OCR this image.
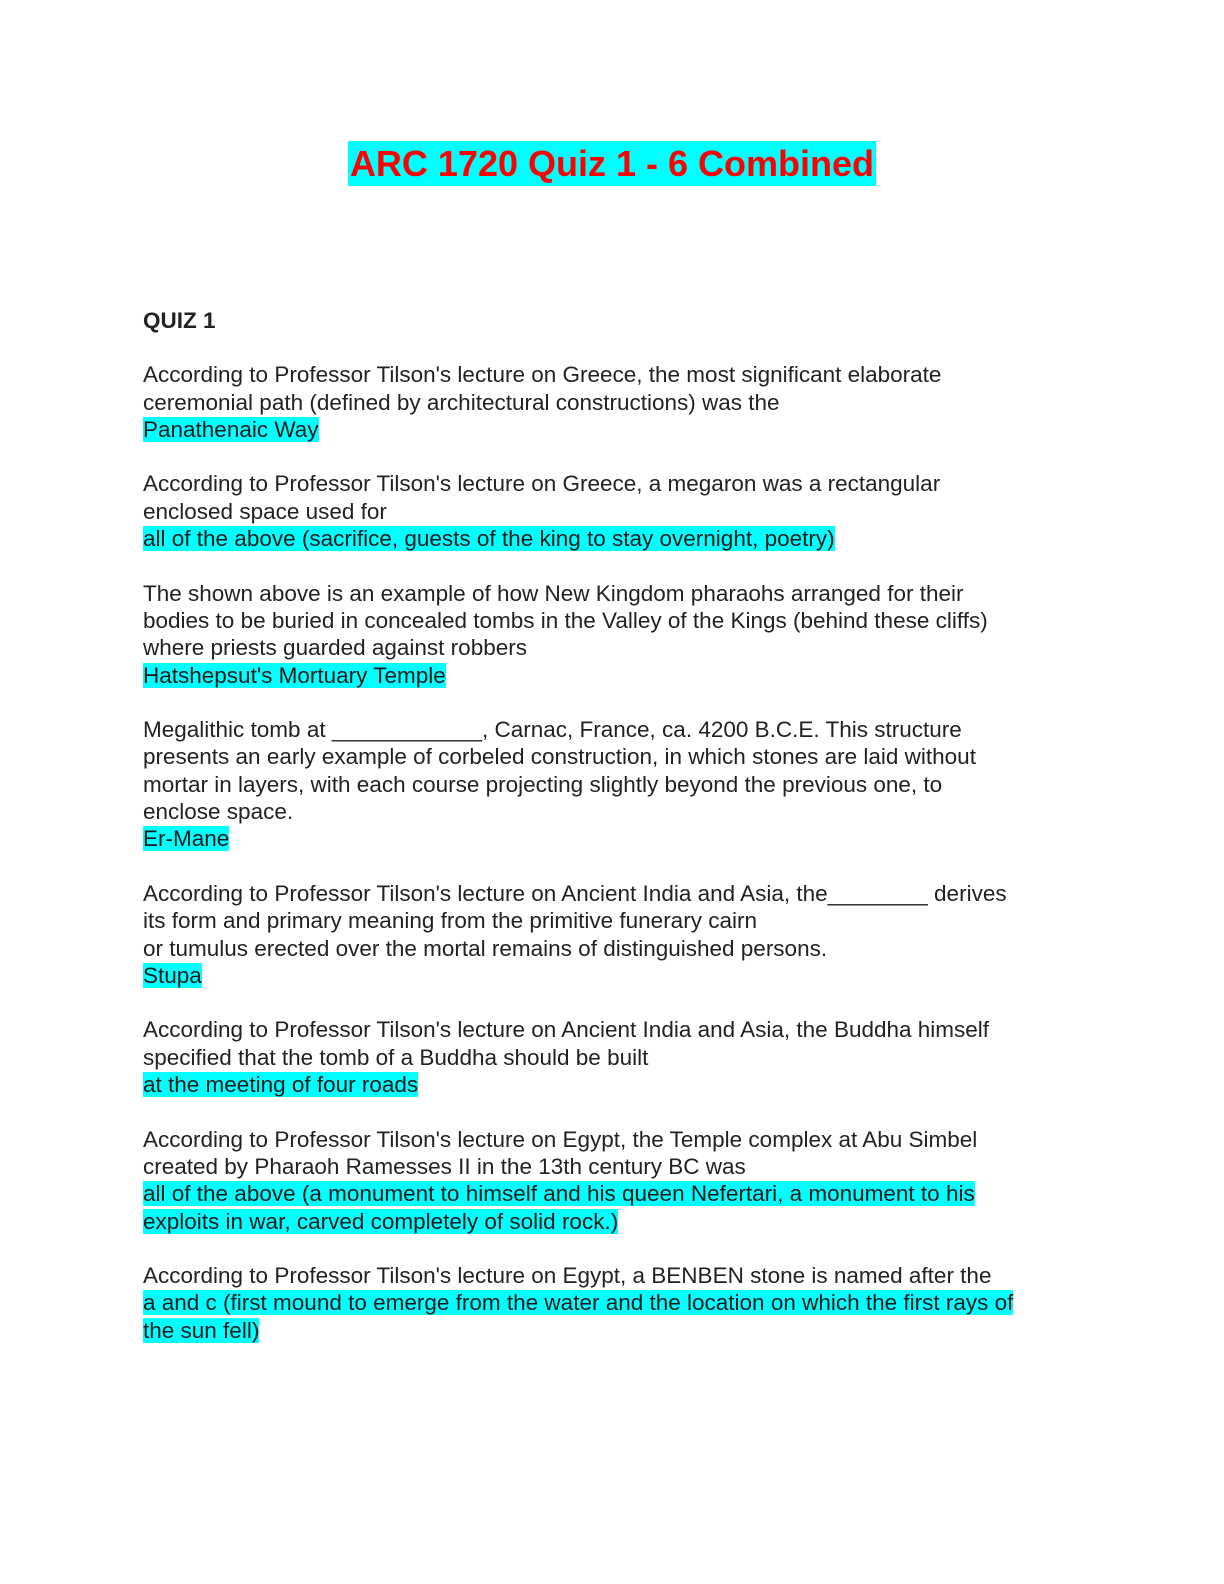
ARC 1720 Quiz 1 - 6 Combined
QUIZ 1
According to Professor Tilson's lecture on Greece, the most significant elaborate
ceremonial path (defined by architectural constructions) was the
Panathenaic Way
According to Professor Tilson's lecture on Greece, a megaron was a rectangular
enclosed space used for
all of the above (sacrifice, guests of the king to stay overnight, poetry)
The shown above is an example of how New Kingdom pharaohs arranged for their
bodies to be buried in concealed tombs in the Valley of the Kings (behind these cliffs)
where priests guarded against robbers
Hatshepsut's Mortuary Temple
Megalithic tomb at ____________, Carnac, France, ca. 4200 B.C.E. This structure
presents an early example of corbeled construction, in which stones are laid without
mortar in layers, with each course projecting slightly beyond the previous one, to
enclose space.
Er-Mane
According to Professor Tilson's lecture on Ancient India and Asia, the________ derives
its form and primary meaning from the primitive funerary cairn
or tumulus erected over the mortal remains of distinguished persons.
Stupa
According to Professor Tilson's lecture on Ancient India and Asia, the Buddha himself
specified that the tomb of a Buddha should be built
at the meeting of four roads
According to Professor Tilson's lecture on Egypt, the Temple complex at Abu Simbel
created by Pharaoh Ramesses II in the 13th century BC was
all of the above (a monument to himself and his queen Nefertari, a monument to his
exploits in war, carved completely of solid rock.)
According to Professor Tilson's lecture on Egypt, a BENBEN stone is named after the
a and c (first mound to emerge from the water and the location on which the first rays of
the sun fell)
